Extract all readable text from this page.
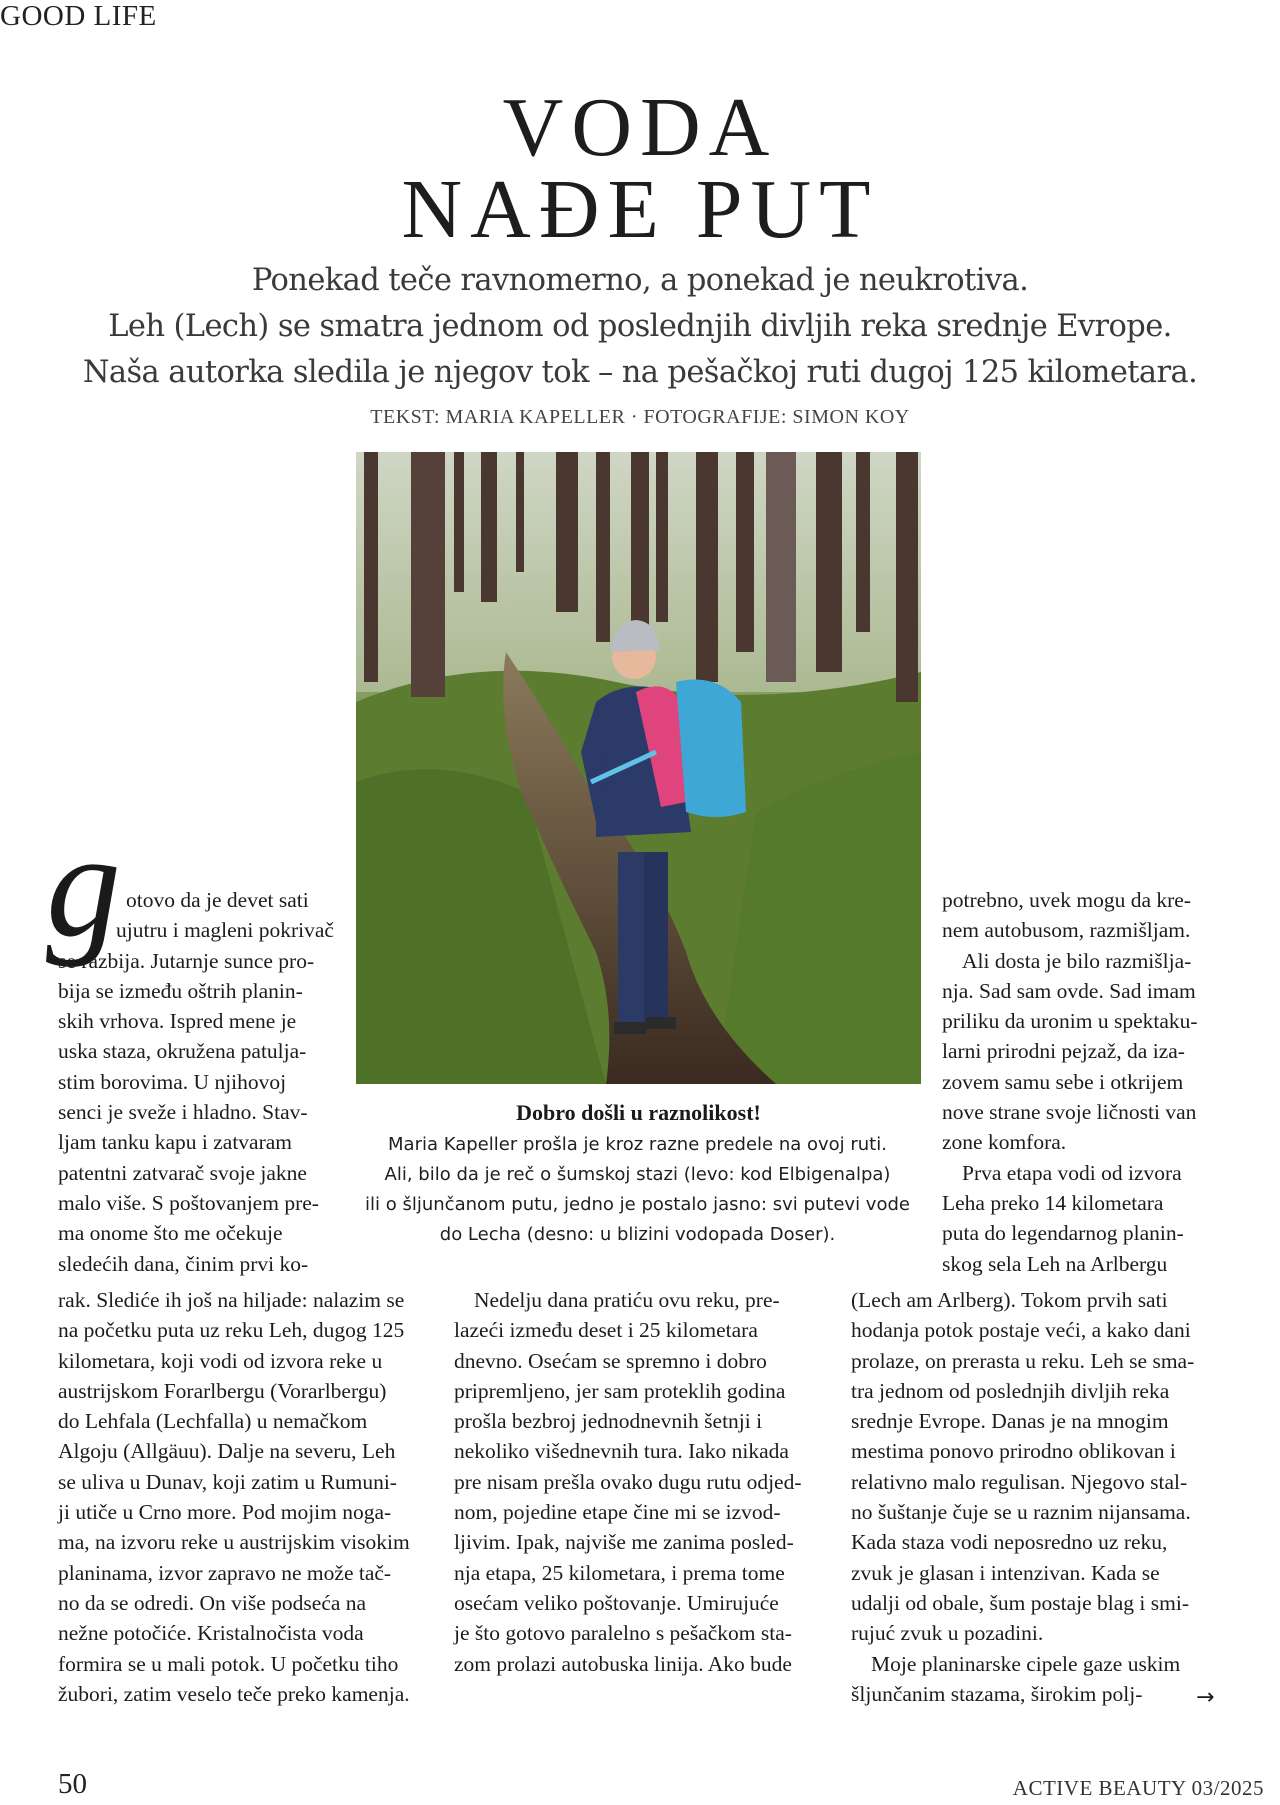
GOOD LIFE
VODA
NAĐE PUT
Ponekad teče ravnomerno, a ponekad je neukrotiva.
Leh (Lech) se smatra jednom od poslednjih divljih reka srednje Evrope.
Naša autorka sledila je njegov tok – na pešačkoj ruti dugoj 125 kilometara.
TEKST: MARIA KAPELLER · FOTOGRAFIJE: SIMON KOY
Dobro došli u raznolikost!
Maria Kapeller prošla je kroz razne predele na ovoj ruti.
Ali, bilo da je reč o šumskoj stazi (levo: kod Elbigenalpa)
ili o šljunčanom putu, jedno je postalo jasno: svi putevi vode
do Lecha (desno: u blizini vodopada Doser).
g otovo da je devet sati
ujutru i magleni pokrivač
se razbija. Jutarnje sunce pro-
bija se između oštrih planin-
skih vrhova. Ispred mene je
uska staza, okružena patulja-
stim borovima. U njihovoj
senci je sveže i hladno. Stav-
ljam tanku kapu i zatvaram
patentni zatvarač svoje jakne
malo više. S poštovanjem pre-
ma onome što me očekuje
sledećih dana, činim prvi ko-
rak. Slediće ih još na hiljade: nalazim se
na početku puta uz reku Leh, dugog 125
kilometara, koji vodi od izvora reke u
austrijskom Forarlbergu (Vorarlbergu)
do Lehfala (Lechfalla) u nemačkom
Algoju (Allgäuu). Dalje na severu, Leh
se uliva u Dunav, koji zatim u Rumuni-
ji utiče u Crno more. Pod mojim noga-
ma, na izvoru reke u austrijskim visokim
planinama, izvor zapravo ne može tač-
no da se odredi. On više podseća na
nežne potočiće. Kristalnočista voda
formira se u mali potok. U početku tiho
žubori, zatim veselo teče preko kamenja.
Nedelju dana pratiću ovu reku, pre-
lazeći između deset i 25 kilometara
dnevno. Osećam se spremno i dobro
pripremljeno, jer sam proteklih godina
prošla bezbroj jednodnevnih šetnji i
nekoliko višednevnih tura. Iako nikada
pre nisam prešla ovako dugu rutu odjed-
nom, pojedine etape čine mi se izvod-
ljivim. Ipak, najviše me zanima posled-
nja etapa, 25 kilometara, i prema tome
osećam veliko poštovanje. Umirujuće
je što gotovo paralelno s pešačkom sta-
zom prolazi autobuska linija. Ako bude
potrebno, uvek mogu da kre-
nem autobusom, razmišljam.
Ali dosta je bilo razmišlja-
nja. Sad sam ovde. Sad imam
priliku da uronim u spektaku-
larni prirodni pejzaž, da iza-
zovem samu sebe i otkrijem
nove strane svoje ličnosti van
zone komfora.
Prva etapa vodi od izvora
Leha preko 14 kilometara
puta do legendarnog planin-
skog sela Leh na Arlbergu
(Lech am Arlberg). Tokom prvih sati
hodanja potok postaje veći, a kako dani
prolaze, on prerasta u reku. Leh se sma-
tra jednom od poslednjih divljih reka
srednje Evrope. Danas je na mnogim
mestima ponovo prirodno oblikovan i
relativno malo regulisan. Njegovo stal-
no šuštanje čuje se u raznim nijansama.
Kada staza vodi neposredno uz reku,
zvuk je glasan i intenzivan. Kada se
udalji od obale, šum postaje blag i smi-
rujuć zvuk u pozadini.
Moje planinarske cipele gaze uskim
šljunčanim stazama, širokim polj-	→
50	ACTIVE BEAUTY 03/2025
